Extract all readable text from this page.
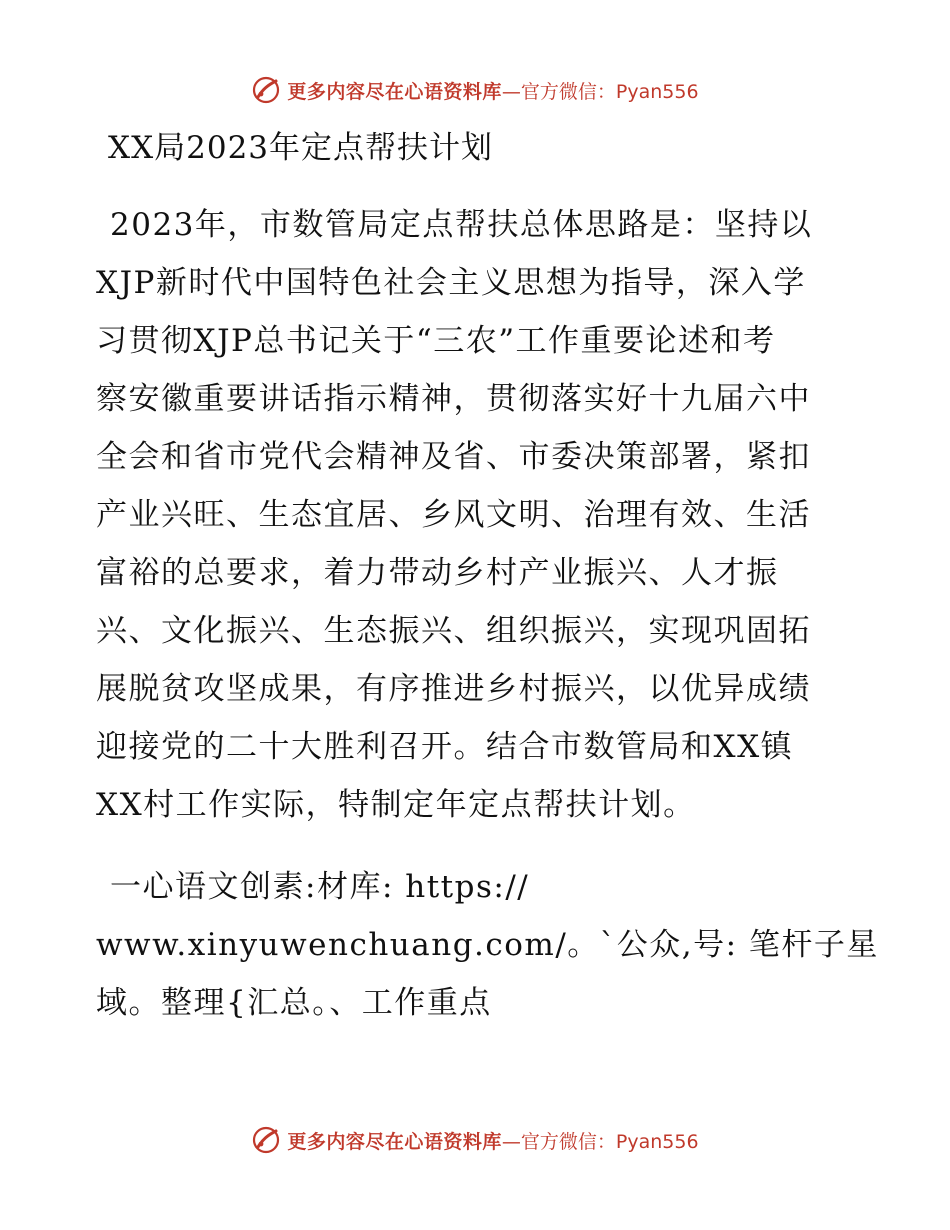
更多内容尽在心语资料库 —官方微信：Pyan556
XX局2023年定点帮扶计划
2023年，市数管局定点帮扶总体思路是：坚持以
XJP新时代中国特色社会主义思想为指导，深入学
习贯彻XJP总书记关于“三农”工作重要论述和考
察安徽重要讲话指示精神，贯彻落实好十九届六中
全会和省市党代会精神及省、市委决策部署，紧扣
产业兴旺、生态宜居、乡风文明、治理有效、生活
富裕的总要求，着力带动乡村产业振兴、人才振
兴、文化振兴、生态振兴、组织振兴，实现巩固拓
展脱贫攻坚成果，有序推进乡村振兴，以优异成绩
迎接党的二十大胜利召开。结合市数管局和XX镇
XX村工作实际，特制定年定点帮扶计划。
一心语文创素:材库: https://
www.xinyuwenchuang.com/。`公众,号: 笔杆子星
域。整理{汇总。、工作重点
更多内容尽在心语资料库 —官方微信：Pyan556
